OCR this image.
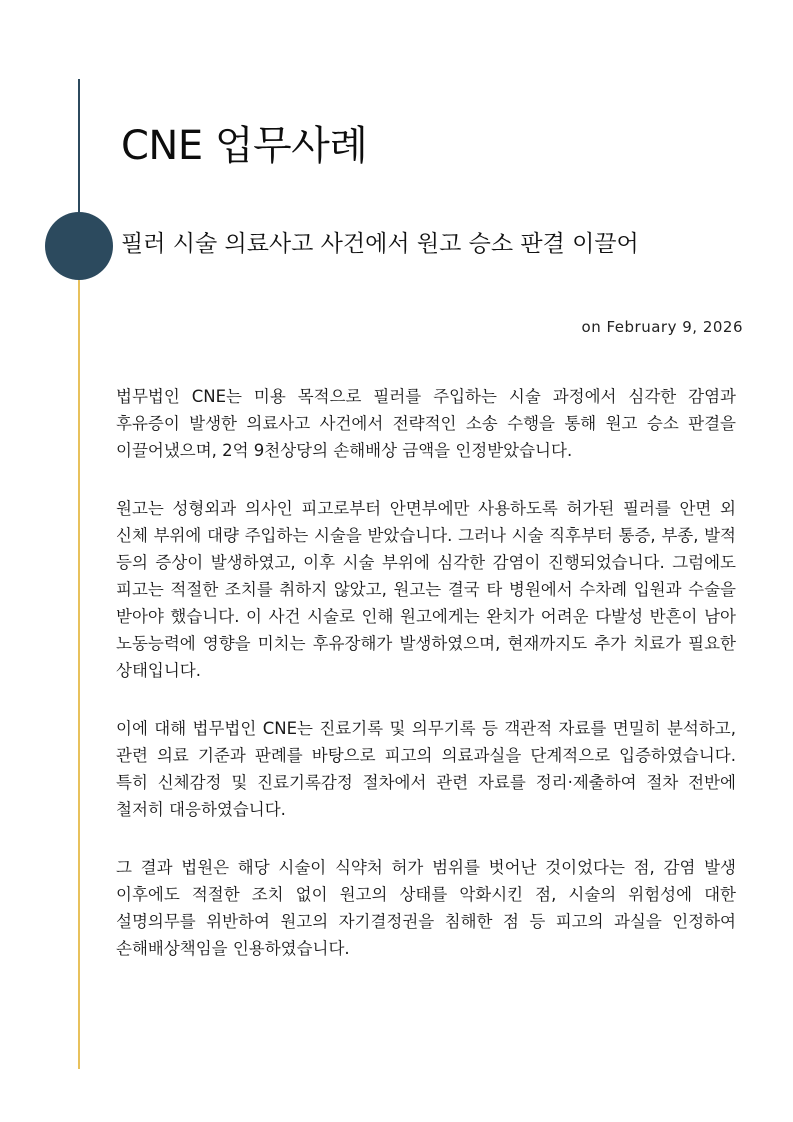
CNE 업무사례
필러 시술 의료사고 사건에서 원고 승소 판결 이끌어
on February 9, 2026

법무법인 CNE는 미용 목적으로 필러를 주입하는 시술 과정에서 심각한 감염과 후유증이 발생한 의료사고 사건에서 전략적인 소송 수행을 통해 원고 승소 판결을 이끌어냈으며, 2억 9천상당의 손해배상 금액을 인정받았습니다.

원고는 성형외과 의사인 피고로부터 안면부에만 사용하도록 허가된 필러를 안면 외 신체 부위에 대량 주입하는 시술을 받았습니다. 그러나 시술 직후부터 통증, 부종, 발적 등의 증상이 발생하였고, 이후 시술 부위에 심각한 감염이 진행되었습니다. 그럼에도 피고는 적절한 조치를 취하지 않았고, 원고는 결국 타 병원에서 수차례 입원과 수술을 받아야 했습니다. 이 사건 시술로 인해 원고에게는 완치가 어려운 다발성 반흔이 남아 노동능력에 영향을 미치는 후유장해가 발생하였으며, 현재까지도 추가 치료가 필요한 상태입니다.

이에 대해 법무법인 CNE는 진료기록 및 의무기록 등 객관적 자료를 면밀히 분석하고, 관련 의료 기준과 판례를 바탕으로 피고의 의료과실을 단계적으로 입증하였습니다. 특히 신체감정 및 진료기록감정 절차에서 관련 자료를 정리·제출하여 절차 전반에 철저히 대응하였습니다.

그 결과 법원은 해당 시술이 식약처 허가 범위를 벗어난 것이었다는 점, 감염 발생 이후에도 적절한 조치 없이 원고의 상태를 악화시킨 점, 시술의 위험성에 대한 설명의무를 위반하여 원고의 자기결정권을 침해한 점 등 피고의 과실을 인정하여 손해배상책임을 인용하였습니다.
